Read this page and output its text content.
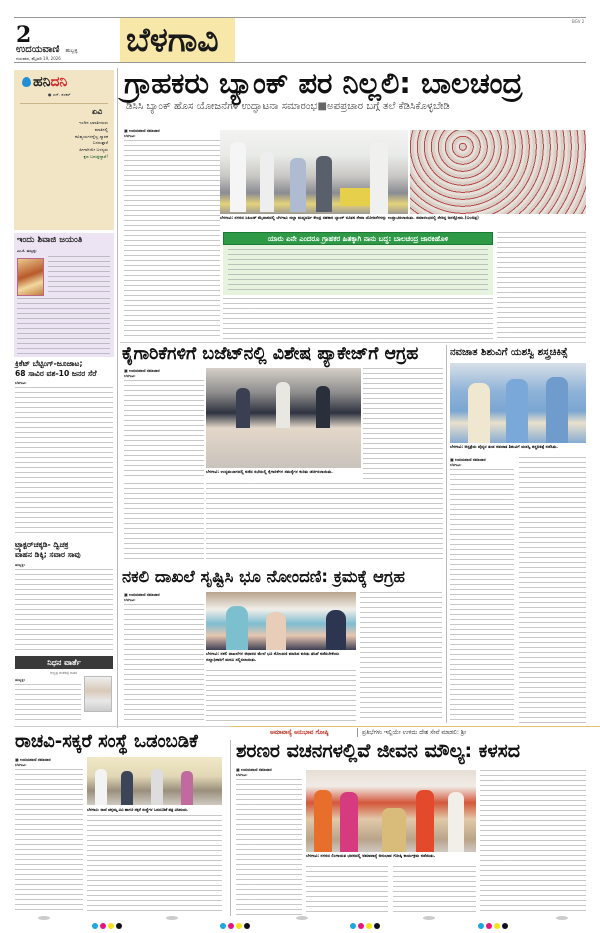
2
ಉದಯವಾಣಿ ಹುಬ್ಬಳ್ಳಿ
ಗುರುವಾರ, ಫೆಬ್ರವರಿ 19, 2026 ಬೆಳಗಾವಿ	BGV 2
ಹನಿದನಿ
● ಎನ್. ಶಂಕರ್
ಏವಿ
ಇಂದಿನ ಭಾರತೀಯರು
ಮಾತಿನಲ್ಲಿ
ಕವಿವ್ಯಯಗಳನ್ನೆಲ್ಲ ಸ್ಮಾರಕ
ಬಳಸುತ್ತಾರೆ
ಹೀಗಾಗಿಯೇ ಬಳಸ್ಯರು
ಕ್ಷಣ ಬದುಕ್ತಿದ್ದಾರೆ!
ಇಂದು ಶಿವಾಜಿ ಜಯಂತಿ
ಎಂ.ಕೆ. ಹುಬ್ಬಳ್ಳಿ:
ಕ್ರಿಕೆಟ್ ಬೆಟ್ಟಿಂಗ್-ಜೂಜಾಟ;
68 ಸಾವಿರ ವಶ-10 ಜನರ ಸೆರೆ
ಬೆಳಗಾವಿ:
ಟ್ರ್ಯಾಕ್ಟರ್‌ಚಕ್ಕಡಿ- ದ್ವಿಚಕ್ರ
ವಾಹನ ಡಿಕ್ಕಿ; ಸವಾರ ಸಾವು
ಹುಬ್ಬಳ್ಳಿ:
ನಿಧನ ವಾರ್ತೆ
ಅಣ್ಣಪ್ಪ ಶಂಕರಪ್ಪ ಕಾವಳೆ
ಹುಬ್ಬಳ್ಳಿ:
ಗ್ರಾಹಕರು ಬ್ಯಾಂಕ್ ಪರ ನಿಲ್ಲಲಿ: ಬಾಲಚಂದ್ರ
ಡಿಸಿಸಿ ಬ್ಯಾಂಕ್ ಹೊಸ ಯೋಜನೆಗಳ ಉದ್ಘಾಟನಾ ಸಮಾರಂಭ■ಅಪಪ್ರಚಾರ ಬಗ್ಗೆ ತಲೆ ಕೆಡಿಸಿಕೊಳ್ಳಬೇಡಿ
■ ಉದಯವಾಣಿ ಸಮಾಚಾರ
ಬೆಳಗಾವಿ:
ಬೆಳಗಾವಿ: ನಗರದ ಸಿಪಿಎಡ್ ಮೈದಾನದಲ್ಲಿ ಬೆಳಗಾವಿ ಜಿಲ್ಲಾ ಮಧ್ಯವರ್ತಿ ಕೇಂದ್ರ ಸಹಕಾರ ಬ್ಯಾಂಕ್ ನೂತನ ಸೇವಾ ಯೋಜನೆಗಳನ್ನು ಉದ್ಘಾಟಿಸಲಾಯಿತು. ಸಮಾರಂಭದಲ್ಲಿ ಸೇರಿದ್ದ ಜನಸ್ತೋಮ.(ಬಲಚಿತ್ರ)
ಯಾರು ಏನೇ ಎಂದರೂ ಗ್ರಾಹಕರ ಹಿತಕ್ಕಾಗಿ ನಾನು ಬದ್ಧ: ಬಾಲಚಂದ್ರ ಜಾರಕಿಹೊಳಿ
ಕೈಗಾರಿಕೆಗಳಿಗೆ ಬಜೆಟ್‌ನಲ್ಲಿ ವಿಶೇಷ ಪ್ಯಾಕೇಜ್‌ಗೆ ಆಗ್ರಹ
■ ಉದಯವಾಣಿ ಸಮಾಚಾರ
ಬೆಳಗಾವಿ:
ಬೆಳಗಾವಿ: ಉದ್ಯಮಬಾಗದಲ್ಲಿ ನಡೆದ ಸಭೆಯಲ್ಲಿ ಕೈಗಾರಿಕೆಗಳ ಸಮಸ್ಯೆಗಳ ಕುರಿತು ಚರ್ಚಿಸಲಾಯಿತು.
ನವಜಾತ ಶಿಶುವಿಗೆ ಯಶಸ್ವಿ ಶಸ್ತ್ರಚಿಕಿತ್ಸೆ
ಬೆಳಗಾವಿ: ಆಸ್ಪತ್ರೆಯ ವೈದ್ಯರ ತಂಡ ನವಜಾತ ಶಿಶುವಿಗೆ ಯಶಸ್ವಿ ಶಸ್ತ್ರಚಿಕಿತ್ಸೆ ನಡೆಸಿತು.
■ ಉದಯವಾಣಿ ಸಮಾಚಾರ
ಬೆಳಗಾವಿ:
ನಕಲಿ ದಾಖಲೆ ಸೃಷ್ಟಿಸಿ ಭೂ ನೋಂದಣಿ: ಕ್ರಮಕ್ಕೆ ಆಗ್ರಹ
■ ಉದಯವಾಣಿ ಸಮಾಚಾರ
ಬೆಳಗಾವಿ:
ಬೆಳಗಾವಿ: ನಕಲಿ ದಾಖಲೆಗಳ ಆಧಾರದ ಮೇಲೆ ಭೂ ನೋಂದಣಿ ಮಾಡಿದ ಕುರಿತು ತನಿಖೆ ನಡೆಸಬೇಕೆಂದು ಜಿಲ್ಲಾಧಿಕಾರಿಗೆ ಮನವಿ ಸಲ್ಲಿಸಲಾಯಿತು.
ಅಮಾವಾಸ್ಯೆ ಅನುಭಾವ ಗೋಷ್ಠಿ	ಪ್ರತಿಭೆಗಳು ಇಲ್ಲಿಯೇ ಉಳಿದು ದೇಶ ಸೇವೆ ಮಾಡಲಿ: ಶ್ರೀ
ರಾಚವಿ-ಸಕ್ಕರೆ ಸಂಸ್ಥೆ ಒಡಂಬಡಿಕೆ
■ ಉದಯವಾಣಿ ಸಮಾಚಾರ
ಬೆಳಗಾವಿ:
ಬೆಳಗಾವಿ: ರಾಣಿ ಚನ್ನಮ್ಮ ವಿವಿ ಹಾಗೂ ಸಕ್ಕರೆ ಸಂಸ್ಥೆಗಳ ಒಡಂಬಡಿಕೆ ಪತ್ರ ವಿನಿಮಯ.
ಶರಣರ ವಚನಗಳಲ್ಲಿವೆ ಜೀವನ ಮೌಲ್ಯ: ಕಳಸದ
■ ಉದಯವಾಣಿ ಸಮಾಚಾರ
ಬೆಳಗಾವಿ:
ಬೆಳಗಾವಿ: ನಗರದ ಲಿಂಗಾಯತ ಭವನದಲ್ಲಿ ಅಮಾವಾಸ್ಯೆ ಅನುಭಾವ ಗೋಷ್ಠಿ ಕಾರ್ಯಕ್ರಮ ನಡೆಯಿತು.
